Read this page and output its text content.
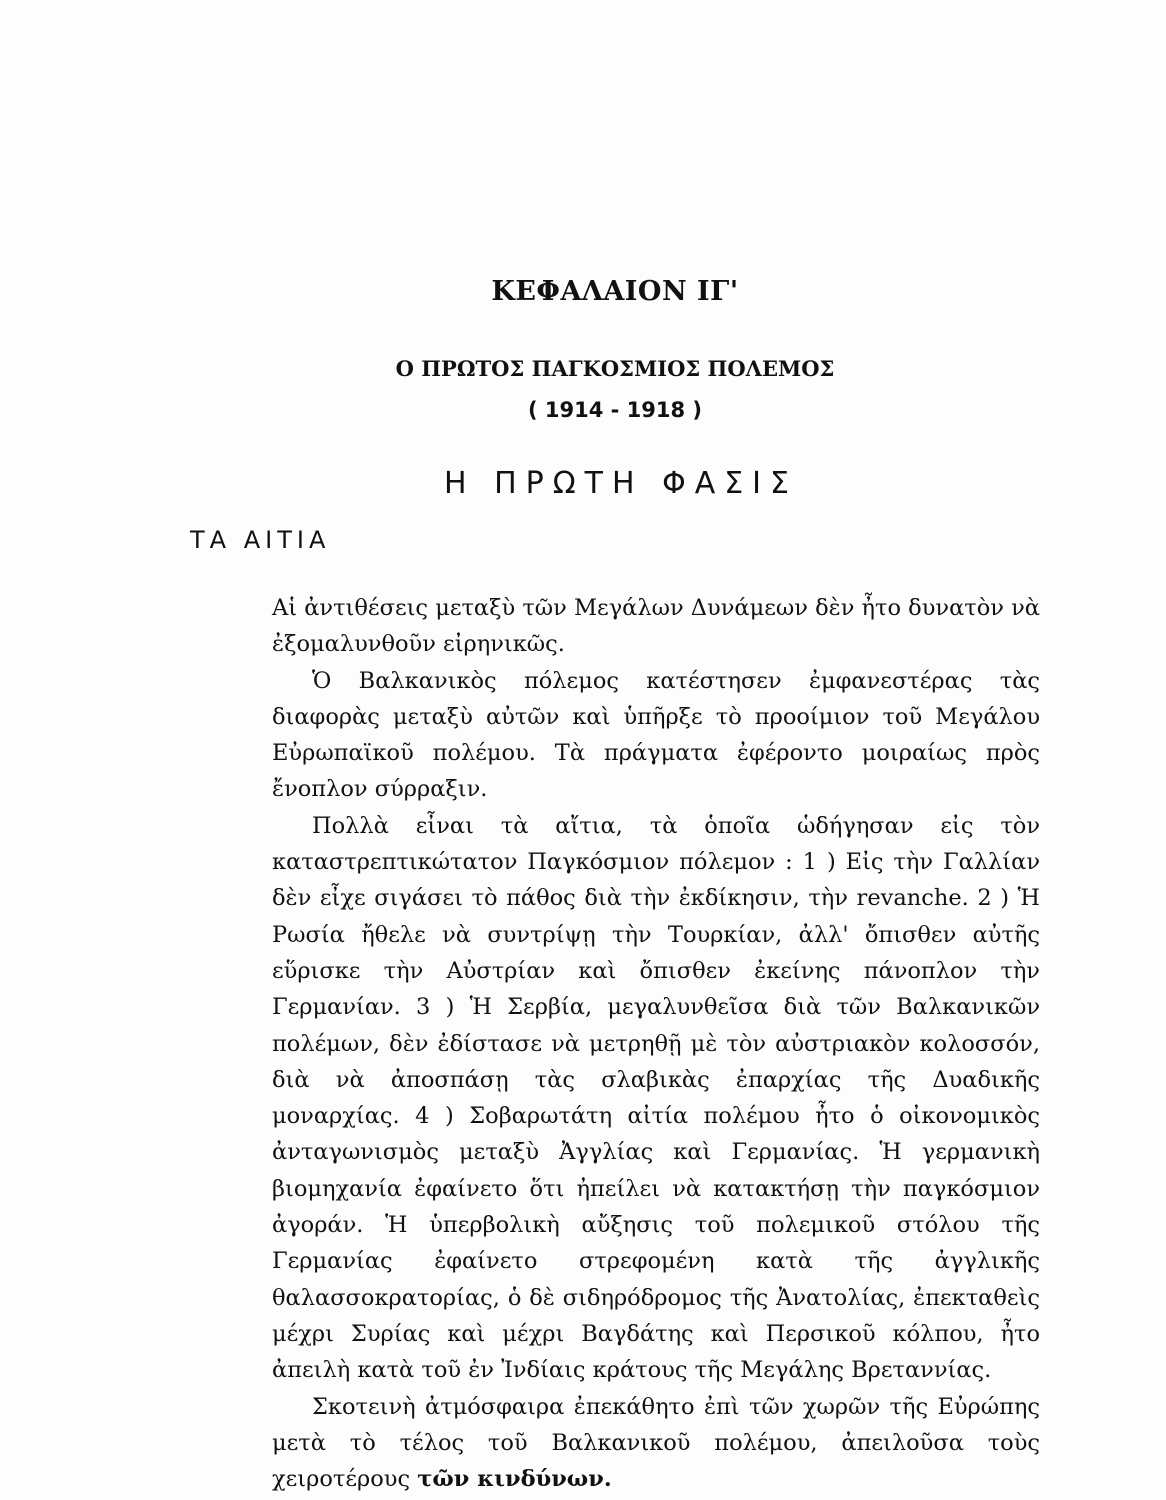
ΚΕΦΑΛΑΙΟΝ ΙΓ'
Ο ΠΡΩΤΟΣ ΠΑΓΚΟΣΜΙΟΣ ΠΟΛΕΜΟΣ
( 1914 - 1918 )
Η ΠΡΩΤΗ ΦΑΣΙΣ
ΤΑ ΑΙΤΙΑ

Αἱ ἀντιθέσεις μεταξὺ τῶν Μεγάλων Δυνάμεων δὲν ἦτο δυνατὸν νὰ ἐξομαλυνθοῦν εἰρηνικῶς.

Ὁ Βαλκανικὸς πόλεμος κατέστησεν ἐμφανεστέρας τὰς διαφορὰς μεταξὺ αὐτῶν καὶ ὑπῆρξε τὸ προοίμιον τοῦ Μεγάλου Εὐρωπαϊκοῦ πολέμου. Τὰ πράγματα ἐφέροντο μοιραίως πρὸς ἔνοπλον σύρραξιν.

Πολλὰ εἶναι τὰ αἴτια, τὰ ὁποῖα ὡδήγησαν εἰς τὸν καταστρεπτικώτατον Παγκόσμιον πόλεμον : 1 ) Εἰς τὴν Γαλλίαν δὲν εἶχε σιγάσει τὸ πάθος διὰ τὴν ἐκδίκησιν, τὴν revanche. 2 ) Ἡ Ρωσία ἤθελε νὰ συντρίψῃ τὴν Τουρκίαν, ἀλλ' ὄπισθεν αὐτῆς εὕρισκε τὴν Αὐστρίαν καὶ ὄπισθεν ἐκείνης πάνοπλον τὴν Γερμανίαν. 3 ) Ἡ Σερβία, μεγαλυνθεῖσα διὰ τῶν Βαλκανικῶν πολέμων, δὲν ἐδίστασε νὰ μετρηθῇ μὲ τὸν αὐστριακὸν κολοσσόν, διὰ νὰ ἀποσπάσῃ τὰς σλαβικὰς ἐπαρχίας τῆς Δυαδικῆς μοναρχίας. 4 ) Σοβαρωτάτη αἰτία πολέμου ἦτο ὁ οἰκονομικὸς ἀνταγωνισμὸς μεταξὺ Ἀγγλίας καὶ Γερμανίας. Ἡ γερμανικὴ βιομηχανία ἐφαίνετο ὅτι ἠπείλει νὰ κατακτήσῃ τὴν παγκόσμιον ἀγοράν. Ἡ ὑπερβολικὴ αὔξησις τοῦ πολεμικοῦ στόλου τῆς Γερμανίας ἐφαίνετο στρεφομένη κατὰ τῆς ἀγγλικῆς θαλασσοκρατορίας, ὁ δὲ σιδηρόδρομος τῆς Ἀνατολίας, ἐπεκταθεὶς μέχρι Συρίας καὶ μέχρι Βαγδάτης καὶ Περσικοῦ κόλπου, ἦτο ἀπειλὴ κατὰ τοῦ ἐν Ἰνδίαις κράτους τῆς Μεγάλης Βρεταννίας.

Σκοτεινὴ ἀτμόσφαιρα ἐπεκάθητο ἐπὶ τῶν χωρῶν τῆς Εὐρώπης μετὰ τὸ τέλος τοῦ Βαλκανικοῦ πολέμου, ἀπειλοῦσα τοὺς χειροτέρους τῶν κινδύνων.
